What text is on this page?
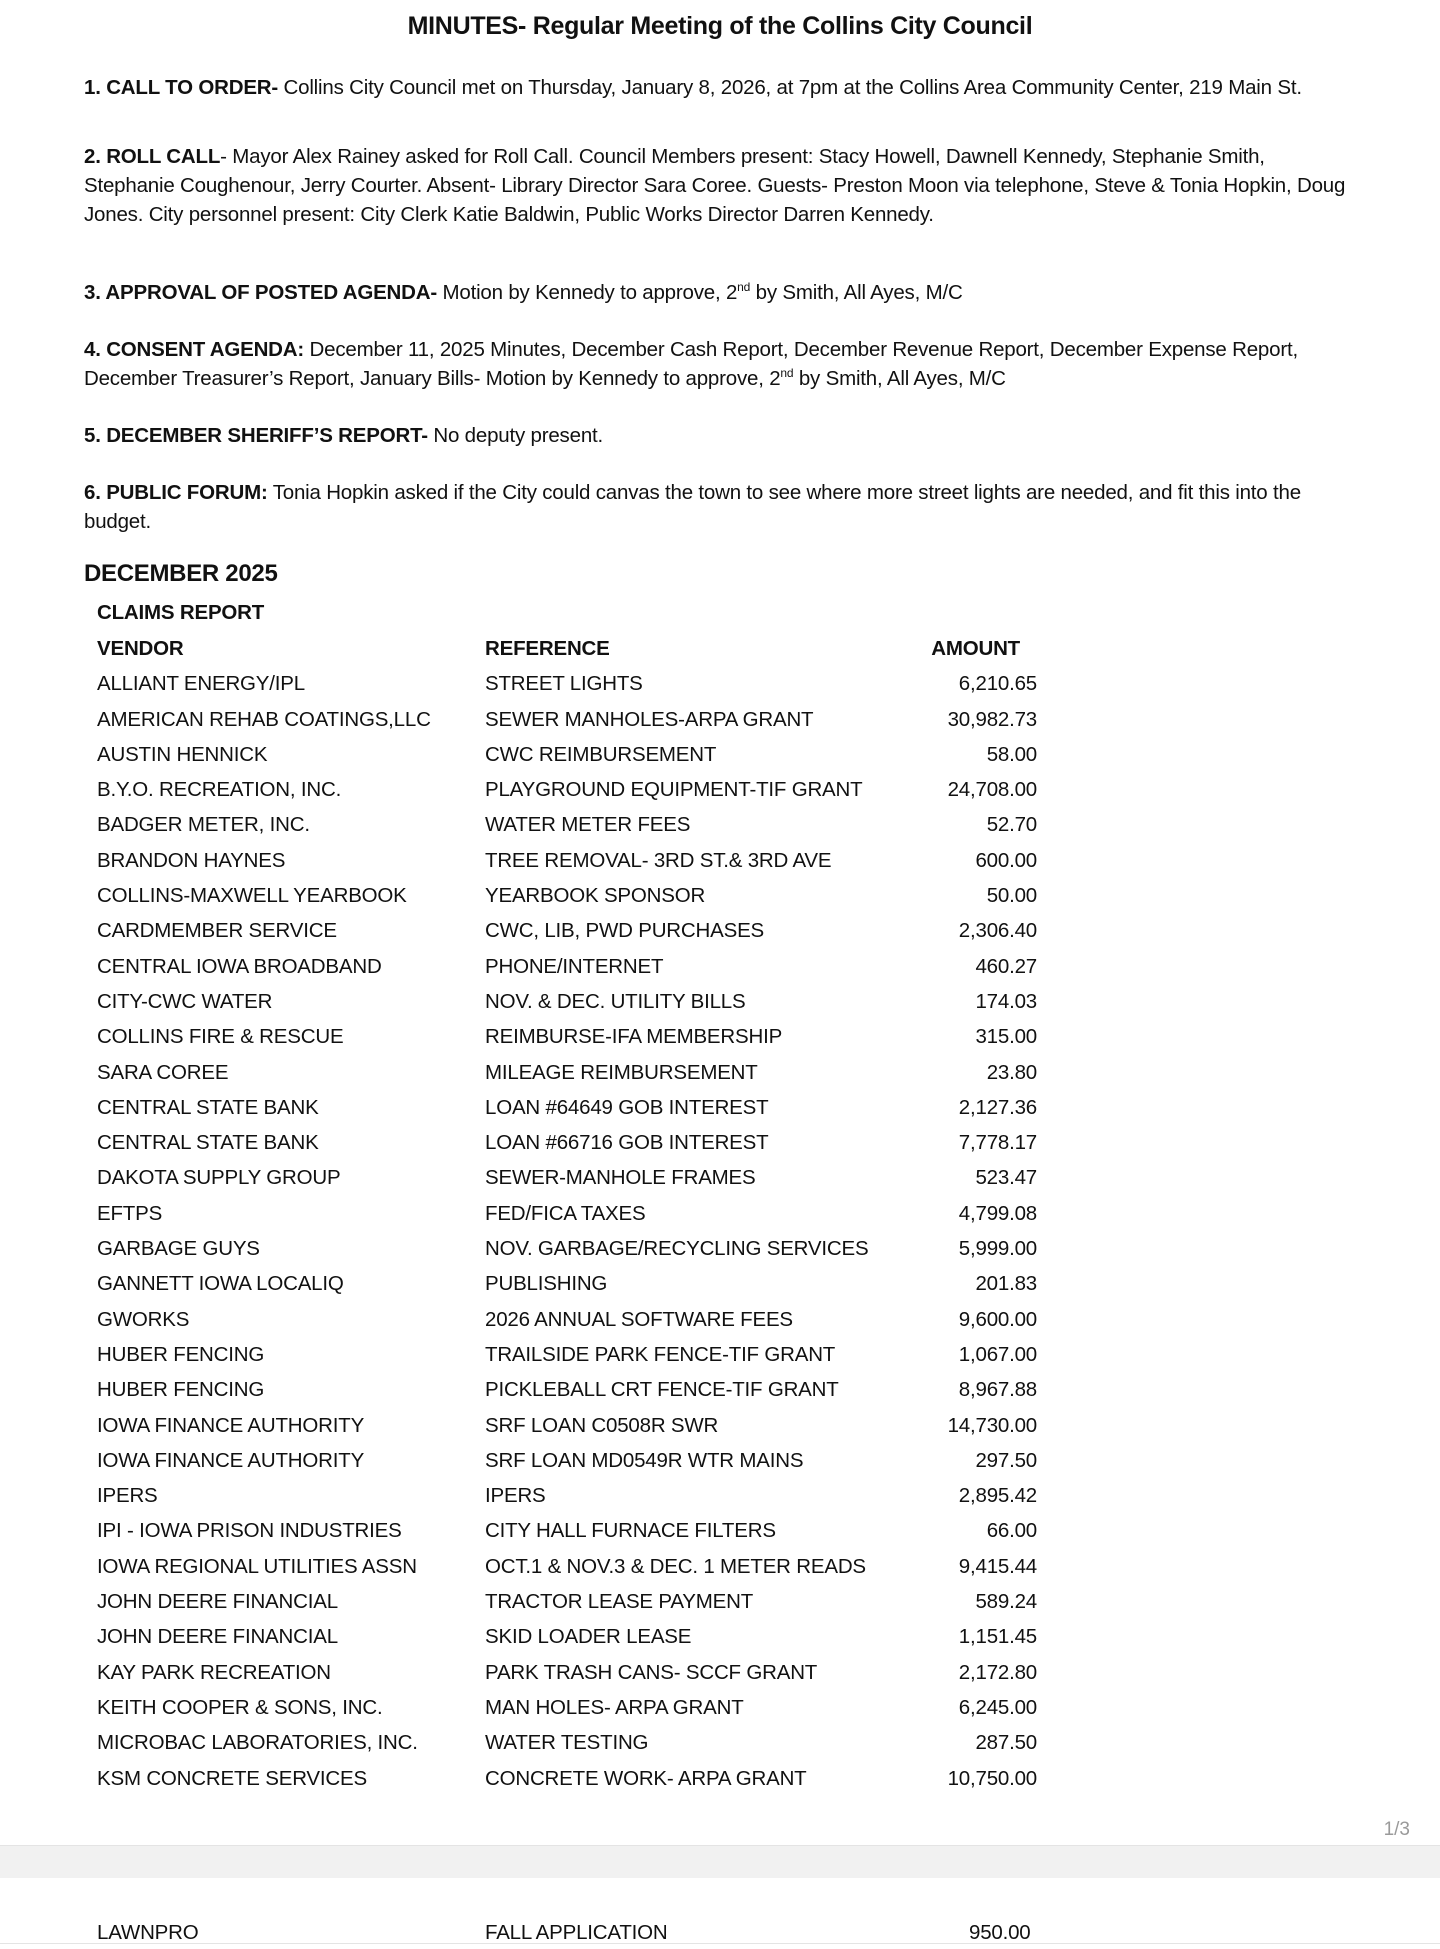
MINUTES- Regular Meeting of the Collins City Council
1. CALL TO ORDER- Collins City Council met on Thursday, January 8, 2026, at 7pm at the Collins Area Community Center, 219 Main St.
2. ROLL CALL- Mayor Alex Rainey asked for Roll Call. Council Members present: Stacy Howell, Dawnell Kennedy, Stephanie Smith, Stephanie Coughenour, Jerry Courter. Absent- Library Director Sara Coree. Guests- Preston Moon via telephone, Steve & Tonia Hopkin, Doug Jones. City personnel present: City Clerk Katie Baldwin, Public Works Director Darren Kennedy.
3. APPROVAL OF POSTED AGENDA- Motion by Kennedy to approve, 2nd by Smith, All Ayes, M/C
4. CONSENT AGENDA: December 11, 2025 Minutes, December Cash Report, December Revenue Report, December Expense Report, December Treasurer’s Report, January Bills- Motion by Kennedy to approve, 2nd by Smith, All Ayes, M/C
5. DECEMBER SHERIFF’S REPORT- No deputy present.
6. PUBLIC FORUM: Tonia Hopkin asked if the City could canvas the town to see where more street lights are needed, and fit this into the budget.
DECEMBER 2025
CLAIMS REPORT
VENDOR	REFERENCE	AMOUNT
ALLIANT ENERGY/IPL	STREET LIGHTS	6,210.65
AMERICAN REHAB COATINGS,LLC	SEWER MANHOLES-ARPA GRANT	30,982.73
AUSTIN HENNICK	CWC REIMBURSEMENT	58.00
B.Y.O. RECREATION, INC.	PLAYGROUND EQUIPMENT-TIF GRANT	24,708.00
BADGER METER, INC.	WATER METER FEES	52.70
BRANDON HAYNES	TREE REMOVAL- 3RD ST.& 3RD AVE	600.00
COLLINS-MAXWELL YEARBOOK	YEARBOOK SPONSOR	50.00
CARDMEMBER SERVICE	CWC, LIB, PWD PURCHASES	2,306.40
CENTRAL IOWA BROADBAND	PHONE/INTERNET	460.27
CITY-CWC WATER	NOV. & DEC. UTILITY BILLS	174.03
COLLINS FIRE & RESCUE	REIMBURSE-IFA MEMBERSHIP	315.00
SARA COREE	MILEAGE REIMBURSEMENT	23.80
CENTRAL STATE BANK	LOAN #64649 GOB INTEREST	2,127.36
CENTRAL STATE BANK	LOAN #66716 GOB INTEREST	7,778.17
DAKOTA SUPPLY GROUP	SEWER-MANHOLE FRAMES	523.47
EFTPS	FED/FICA TAXES	4,799.08
GARBAGE GUYS	NOV. GARBAGE/RECYCLING SERVICES	5,999.00
GANNETT IOWA LOCALIQ	PUBLISHING	201.83
GWORKS	2026 ANNUAL SOFTWARE FEES	9,600.00
HUBER FENCING	TRAILSIDE PARK FENCE-TIF GRANT	1,067.00
HUBER FENCING	PICKLEBALL CRT FENCE-TIF GRANT	8,967.88
IOWA FINANCE AUTHORITY	SRF LOAN C0508R SWR	14,730.00
IOWA FINANCE AUTHORITY	SRF LOAN MD0549R WTR MAINS	297.50
IPERS	IPERS	2,895.42
IPI - IOWA PRISON INDUSTRIES	CITY HALL FURNACE FILTERS	66.00
IOWA REGIONAL UTILITIES ASSN	OCT.1 & NOV.3 & DEC. 1 METER READS	9,415.44
JOHN DEERE FINANCIAL	TRACTOR LEASE PAYMENT	589.24
JOHN DEERE FINANCIAL	SKID LOADER LEASE	1,151.45
KAY PARK RECREATION	PARK TRASH CANS- SCCF GRANT	2,172.80
KEITH COOPER & SONS, INC.	MAN HOLES- ARPA GRANT	6,245.00
MICROBAC LABORATORIES, INC.	WATER TESTING	287.50
KSM CONCRETE SERVICES	CONCRETE WORK- ARPA GRANT	10,750.00
1/3
LAWNPRO	FALL APPLICATION	950.00
